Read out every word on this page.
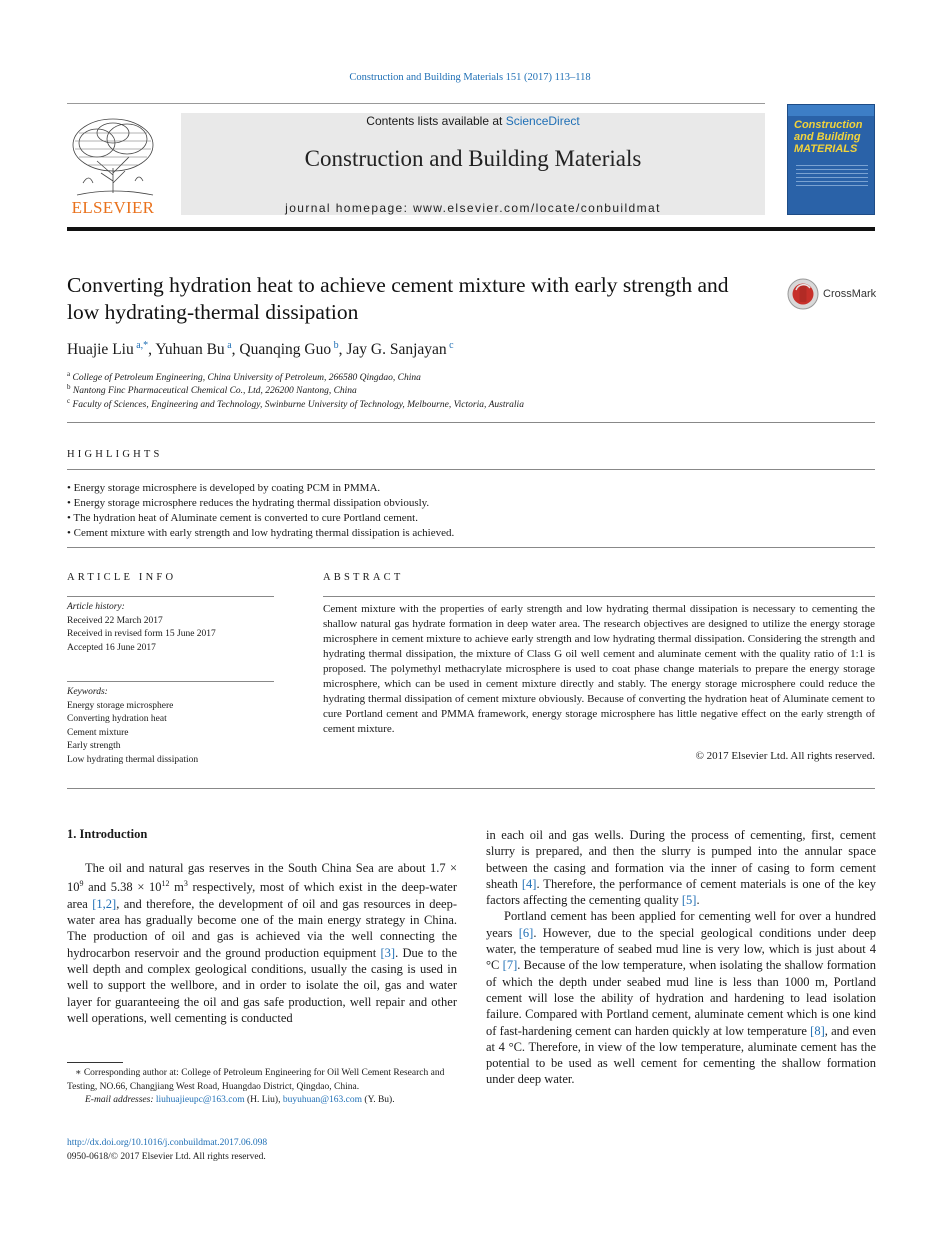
Construction and Building Materials 151 (2017) 113–118
ELSEVIER
Contents lists available at ScienceDirect
Construction and Building Materials
journal homepage: www.elsevier.com/locate/conbuildmat
Construction and Building MATERIALS
Converting hydration heat to achieve cement mixture with early strength and low hydrating-thermal dissipation
CrossMark
Huajie Liu $^{a,*}$, Yuhuan Bu $^a$, Quanqing Guo $^b$, Jay G. Sanjayan $^c$
$^a$ College of Petroleum Engineering, China University of Petroleum, 266580 Qingdao, China
$^b$ Nantong Finc Pharmaceutical Chemical Co., Ltd, 226200 Nantong, China
$^c$ Faculty of Sciences, Engineering and Technology, Swinburne University of Technology, Melbourne, Victoria, Australia
HIGHLIGHTS
• Energy storage microsphere is developed by coating PCM in PMMA.
• Energy storage microsphere reduces the hydrating thermal dissipation obviously.
• The hydration heat of Aluminate cement is converted to cure Portland cement.
• Cement mixture with early strength and low hydrating thermal dissipation is achieved.
ARTICLE INFO
Article history:
Received 22 March 2017
Received in revised form 15 June 2017
Accepted 16 June 2017
Keywords:
Energy storage microsphere
Converting hydration heat
Cement mixture
Early strength
Low hydrating thermal dissipation
ABSTRACT
Cement mixture with the properties of early strength and low hydrating thermal dissipation is necessary to cementing the shallow natural gas hydrate formation in deep water area. The research objectives are designed to utilize the energy storage microsphere in cement mixture to achieve early strength and low hydrating thermal dissipation. Considering the strength and hydrating thermal dissipation, the mixture of Class G oil well cement and aluminate cement with the quality ratio of 1:1 is proposed. The polymethyl methacrylate microsphere is used to coat phase change materials to prepare the energy storage microsphere, which can be used in cement mixture directly and stably. The energy storage microsphere could reduce the hydrating thermal dissipation of cement mixture obviously. Because of converting the hydration heat of Aluminate cement to cure Portland cement and PMMA framework, energy storage microsphere has little negative effect on the early strength of cement mixture.
© 2017 Elsevier Ltd. All rights reserved.
1. Introduction

The oil and natural gas reserves in the South China Sea are about $1.7 \times 10^9$ and $5.38 \times 10^{12}$ $m^3$ respectively, most of which exist in the deep-water area [1,2], and therefore, the development of oil and gas resources in deep-water area has gradually become one of the main energy strategy in China. The production of oil and gas is achieved via the well connecting the hydrocarbon reservoir and the ground production equipment [3]. Due to the well depth and complex geological conditions, usually the casing is used in well to support the wellbore, and in order to isolate the oil, gas and water layer for guaranteeing the oil and gas safe production, well repair and other well operations, well cementing is conducted

in each oil and gas wells. During the process of cementing, first, cement slurry is prepared, and then the slurry is pumped into the annular space between the casing and formation via the inner of casing to form cement sheath [4]. Therefore, the performance of cement materials is one of the key factors affecting the cementing quality [5].

Portland cement has been applied for cementing well for over a hundred years [6]. However, due to the special geological conditions under deep water, the temperature of seabed mud line is very low, which is just about 4 °C [7]. Because of the low temperature, when isolating the shallow formation of which the depth under seabed mud line is less than 1000 m, Portland cement will lose the ability of hydration and hardening to lead isolation failure. Compared with Portland cement, aluminate cement which is one kind of fast-hardening cement can harden quickly at low temperature [8], and even at 4 °C. Therefore, in view of the low temperature, aluminate cement has the potential to be used as well cement for cementing the shallow formation under deep water.

∗ Corresponding author at: College of Petroleum Engineering for Oil Well Cement Research and Testing, NO.66, Changjiang West Road, Huangdao District, Qingdao, China.
E-mail addresses: liuhuajieupc@163.com (H. Liu), buyuhuan@163.com (Y. Bu).
http://dx.doi.org/10.1016/j.conbuildmat.2017.06.098
0950-0618/© 2017 Elsevier Ltd. All rights reserved.
